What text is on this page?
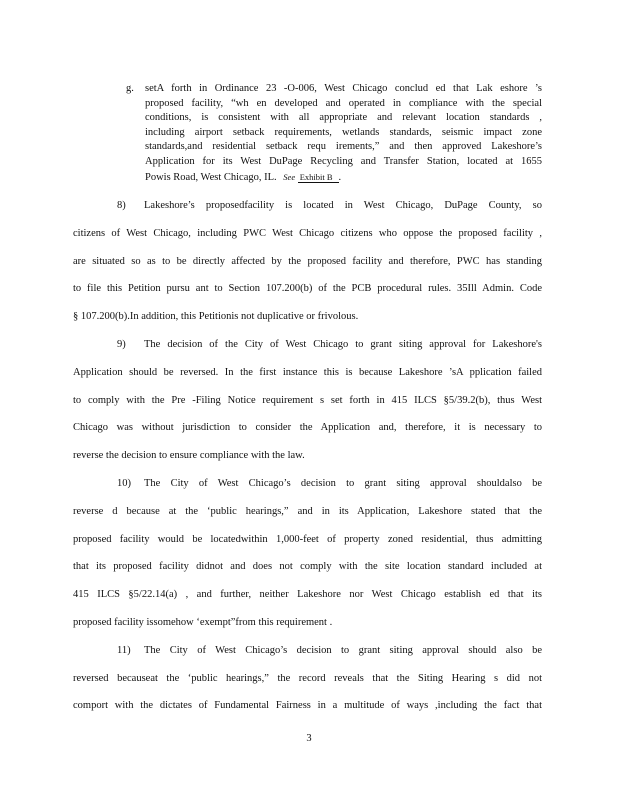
g. setA forth in Ordinance 23 -O-006, West Chicago conclud ed that Lak eshore ’s
proposed facility, “wh en developed and operated in compliance with the special
conditions, is consistent with all appropriate and relevant location standards ,
including airport setback requirements, wetlands standards, seismic impact zone
standards,and residential setback requ irements,” and then approved Lakeshore’s
Application for its West DuPage Recycling and Transfer Station, located at 1655
Powis Road, West Chicago, IL. See Exhibit B .
8) Lakeshore’s proposedfacility is located in West Chicago, DuPage County, so
citizens of West Chicago, including PWC West Chicago citizens who oppose the proposed facility ,
are situated so as to be directly affected by the proposed facility and therefore, PWC has standing
to file this Petition pursu ant to Section 107.200(b) of the PCB procedural rules. 35Ill Admin. Code
§ 107.200(b).In addition, this Petitionis not duplicative or frivolous.
9) The decision of the City of West Chicago to grant siting approval for Lakeshore's
Application should be reversed. In the first instance this is because Lakeshore ’sA pplication failed
to comply with the Pre -Filing Notice requirement s set forth in 415 ILCS §5/39.2(b), thus West
Chicago was without jurisdiction to consider the Application and, therefore, it is necessary to
reverse the decision to ensure compliance with the law.
10) The City of West Chicago’s decision to grant siting approval shouldalso be
reverse d because at the ‘public hearings,” and in its Application, Lakeshore stated that the
proposed facility would be locatedwithin 1,000-feet of property zoned residential, thus admitting
that its proposed facility didnot and does not comply with the site location standard included at
415 ILCS §5/22.14(a) , and further, neither Lakeshore nor West Chicago establish ed that its
proposed facility issomehow ‘exempt”from this requirement .
11) The City of West Chicago’s decision to grant siting approval should also be
reversed becauseat the ‘public hearings,” the record reveals that the Siting Hearing s did not
comport with the dictates of Fundamental Fairness in a multitude of ways ,including the fact that
3
